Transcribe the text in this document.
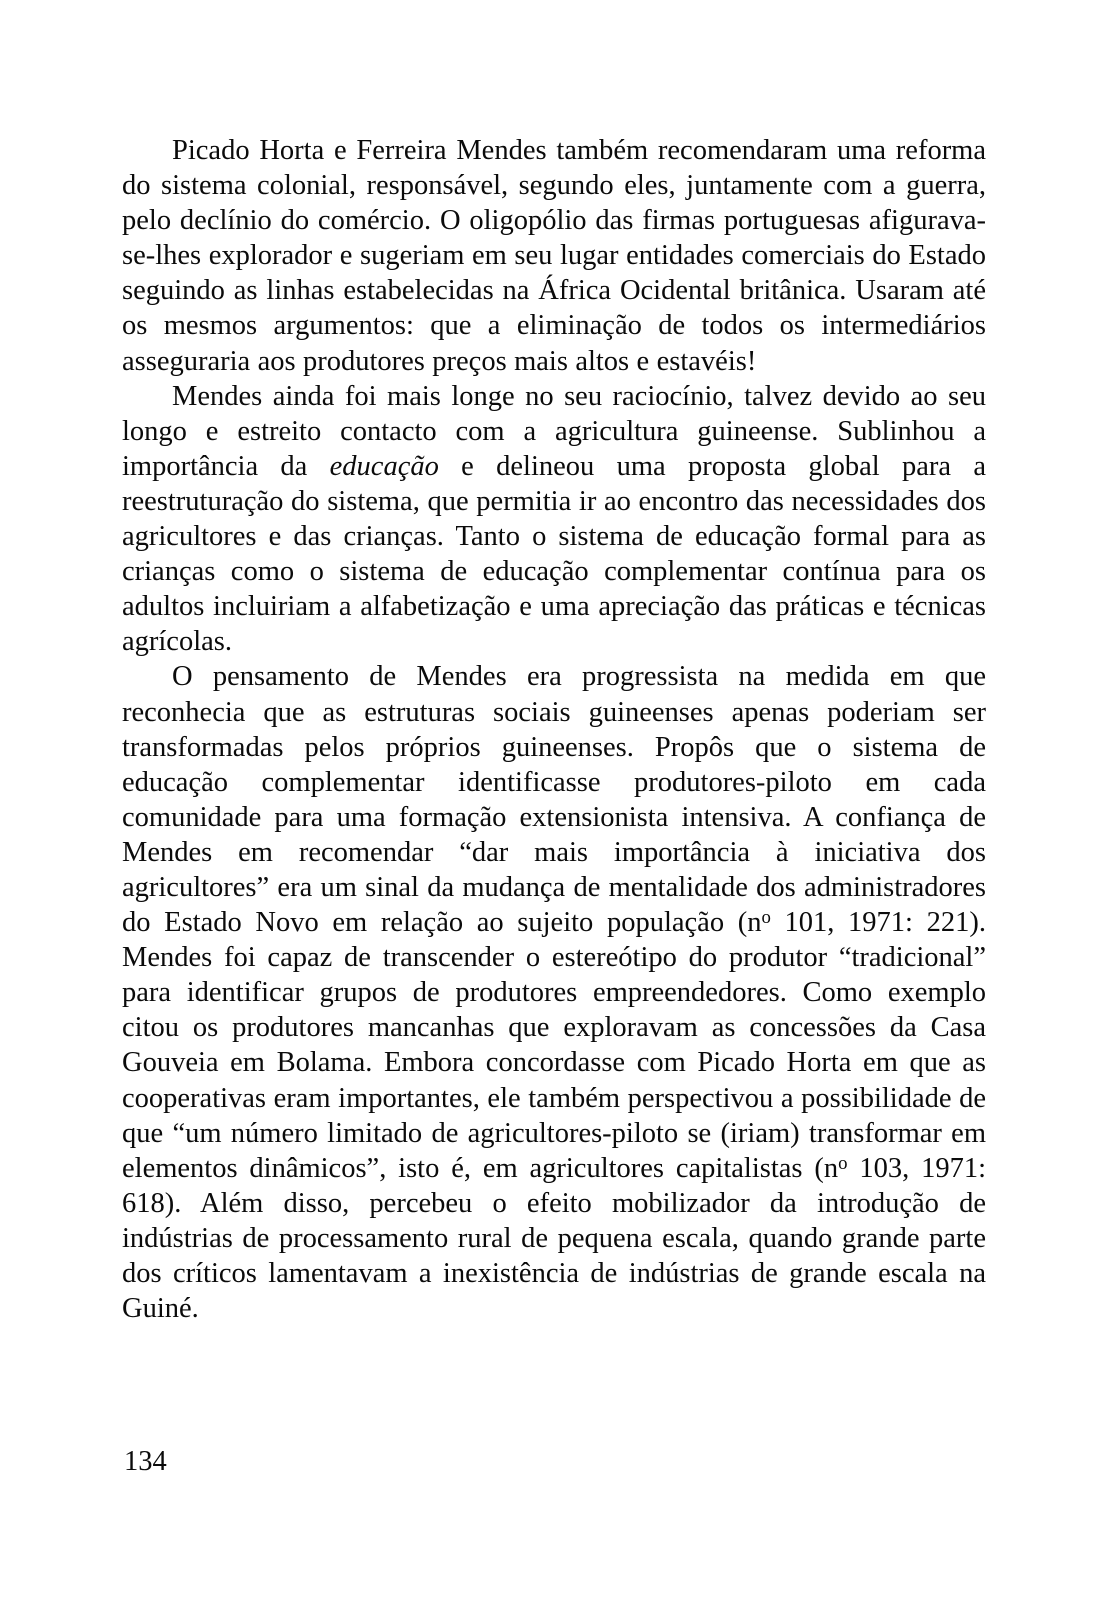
Picado Horta e Ferreira Mendes também recomendaram uma reforma do sistema colonial, responsável, segundo eles, juntamente com a guerra, pelo declínio do comércio. O oligopólio das firmas portuguesas afigurava-se-lhes explorador e sugeriam em seu lugar entidades comerciais do Estado seguindo as linhas estabelecidas na África Ocidental britânica. Usaram até os mesmos argumentos: que a eliminação de todos os intermediários asseguraria aos produtores preços mais altos e estavéis!

Mendes ainda foi mais longe no seu raciocínio, talvez devido ao seu longo e estreito contacto com a agricultura guineense. Sublinhou a importância da educação e delineou uma proposta global para a reestruturação do sistema, que permitia ir ao encontro das necessidades dos agricultores e das crianças. Tanto o sistema de educação formal para as crianças como o sistema de educação complementar contínua para os adultos incluiriam a alfabetização e uma apreciação das práticas e técnicas agrícolas.

O pensamento de Mendes era progressista na medida em que reconhecia que as estruturas sociais guineenses apenas poderiam ser transformadas pelos próprios guineenses. Propôs que o sistema de educação complementar identificasse produtores-piloto em cada comunidade para uma formação extensionista intensiva. A confiança de Mendes em recomendar “dar mais importância à iniciativa dos agricultores” era um sinal da mudança de mentalidade dos administradores do Estado Novo em relação ao sujeito população ($n^o$ 101, 1971: 221). Mendes foi capaz de transcender o estereótipo do produtor “tradicional” para identificar grupos de produtores empreendedores. Como exemplo citou os produtores mancanhas que exploravam as concessões da Casa Gouveia em Bolama. Embora concordasse com Picado Horta em que as cooperativas eram importantes, ele também perspectivou a possibilidade de que “um número limitado de agricultores-piloto se (iriam) transformar em elementos dinâmicos”, isto é, em agricultores capitalistas ($n^o$ 103, 1971: 618). Além disso, percebeu o efeito mobilizador da introdução de indústrias de processamento rural de pequena escala, quando grande parte dos críticos lamentavam a inexistência de indústrias de grande escala na Guiné.

134
